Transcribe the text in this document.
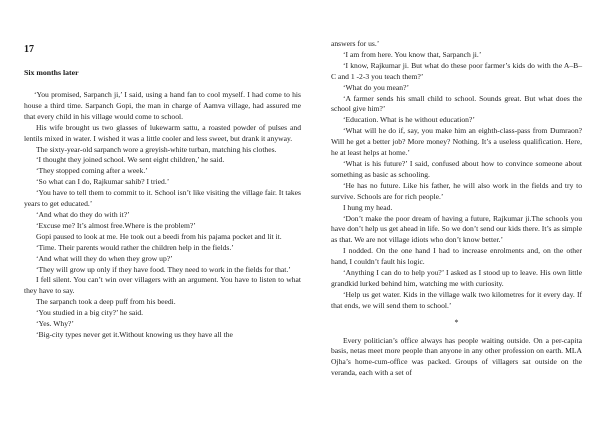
17
Six months later

‘You promised, Sarpanch ji,’ I said, using a hand fan to cool myself. I had come to his house a third time. Sarpanch Gopi, the man in charge of Aamva village, had assured me that every child in his village would come to school.

His wife brought us two glasses of lukewarm sattu, a roasted powder of pulses and lentils mixed in water. I wished it was a little cooler and less sweet, but drank it anyway.

The sixty-year-old sarpanch wore a greyish-white turban, matching his clothes.

‘I thought they joined school. We sent eight children,’ he said.

‘They stopped coming after a week.’

‘So what can I do, Rajkumar sahib? I tried.’

‘You have to tell them to commit to it. School isn’t like visiting the village fair. It takes years to get educated.’

‘And what do they do with it?’

‘Excuse me? It’s almost free.Where is the problem?’

Gopi paused to look at me. He took out a beedi from his pajama pocket and lit it.

‘Time. Their parents would rather the children help in the fields.’

‘And what will they do when they grow up?’

‘They will grow up only if they have food. They need to work in the fields for that.’

I fell silent. You can’t win over villagers with an argument. You have to listen to what they have to say.

The sarpanch took a deep puff from his beedi.

‘You studied in a big city?’ he said.

‘Yes. Why?’

‘Big-city types never get it.Without knowing us they have all the

answers for us.’

‘I am from here. You know that, Sarpanch ji.’

‘I know, Rajkumar ji. But what do these poor farmer’s kids do with the A–B–C and 1 -2-3 you teach them?’

‘What do you mean?’

‘A farmer sends his small child to school. Sounds great. But what does the school give him?’

‘Education. What is he without education?’

‘What will he do if, say, you make him an eighth-class-pass from Dumraon? Will he get a better job? More money? Nothing. It’s a useless qualification. Here, he at least helps at home.’

‘What is his future?’ I said, confused about how to convince someone about something as basic as schooling.

‘He has no future. Like his father, he will also work in the fields and try to survive. Schools are for rich people.’

I hung my head.

‘Don’t make the poor dream of having a future, Rajkumar ji.The schools you have don’t help us get ahead in life. So we don’t send our kids there. It’s as simple as that. We are not village idiots who don’t know better.’

I nodded. On the one hand I had to increase enrolments and, on the other hand, I couldn’t fault his logic.

‘Anything I can do to help you?’ I asked as I stood up to leave. His own little grandkid lurked behind him, watching me with curiosity.

‘Help us get water. Kids in the village walk two kilometres for it every day. If that ends, we will send them to school.’

*

Every politician’s office always has people waiting outside. On a per-capita basis, netas meet more people than anyone in any other profession on earth. MLA Ojha’s home-cum-office was packed. Groups of villagers sat outside on the veranda, each with a set of
